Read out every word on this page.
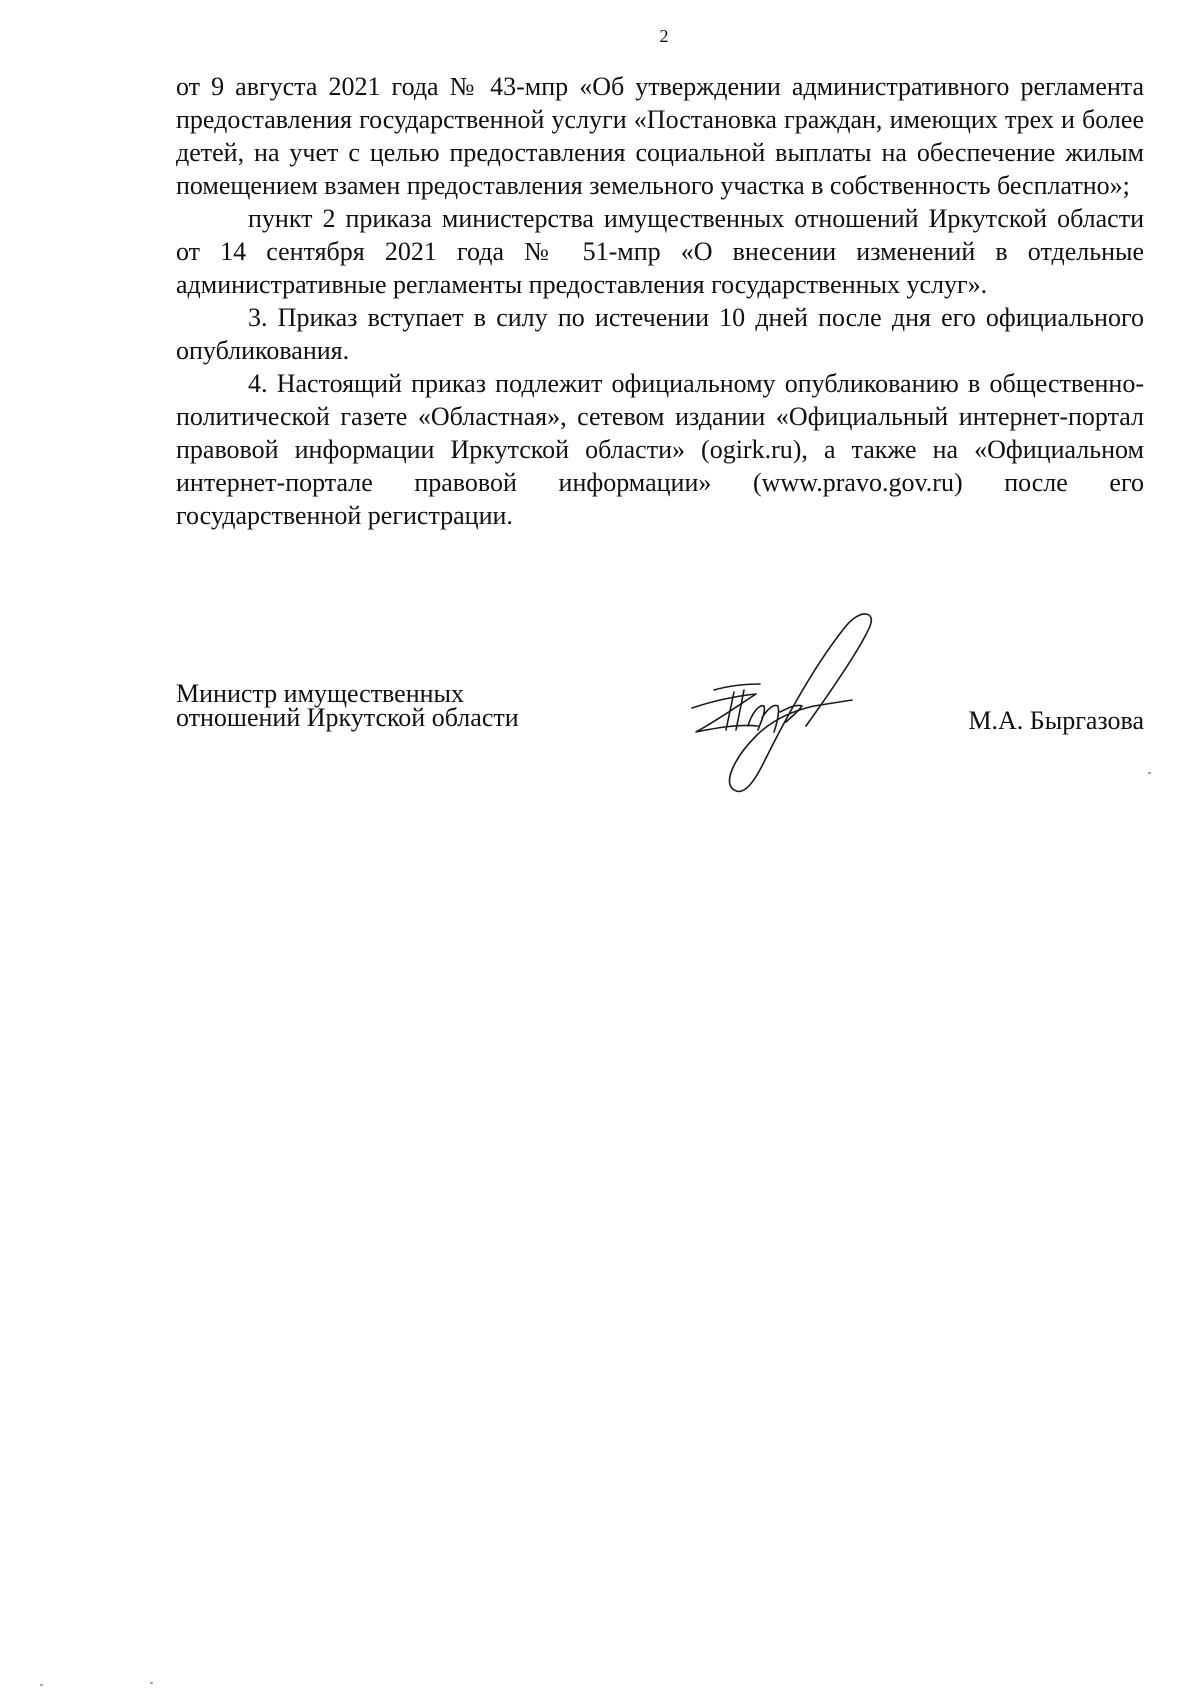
2

от 9 августа 2021 года № 43-мпр «Об утверждении административного регламента предоставления государственной услуги «Постановка граждан, имеющих трех и более детей, на учет с целью предоставления социальной выплаты на обеспечение жилым помещением взамен предоставления земельного участка в собственность бесплатно»;

пункт 2 приказа министерства имущественных отношений Иркутской области от 14 сентября 2021 года № 51-мпр «О внесении изменений в отдельные административные регламенты предоставления государственных услуг».

3. Приказ вступает в силу по истечении 10 дней после дня его официального опубликования.

4. Настоящий приказ подлежит официальному опубликованию в общественно-политической газете «Областная», сетевом издании «Официальный интернет-портал правовой информации Иркутской области» (ogirk.ru), а также на «Официальном интернет-портале правовой информации» (www.pravo.gov.ru) после его государственной регистрации.

Министр имущественных
отношений Иркутской области	М.А. Быргазова
